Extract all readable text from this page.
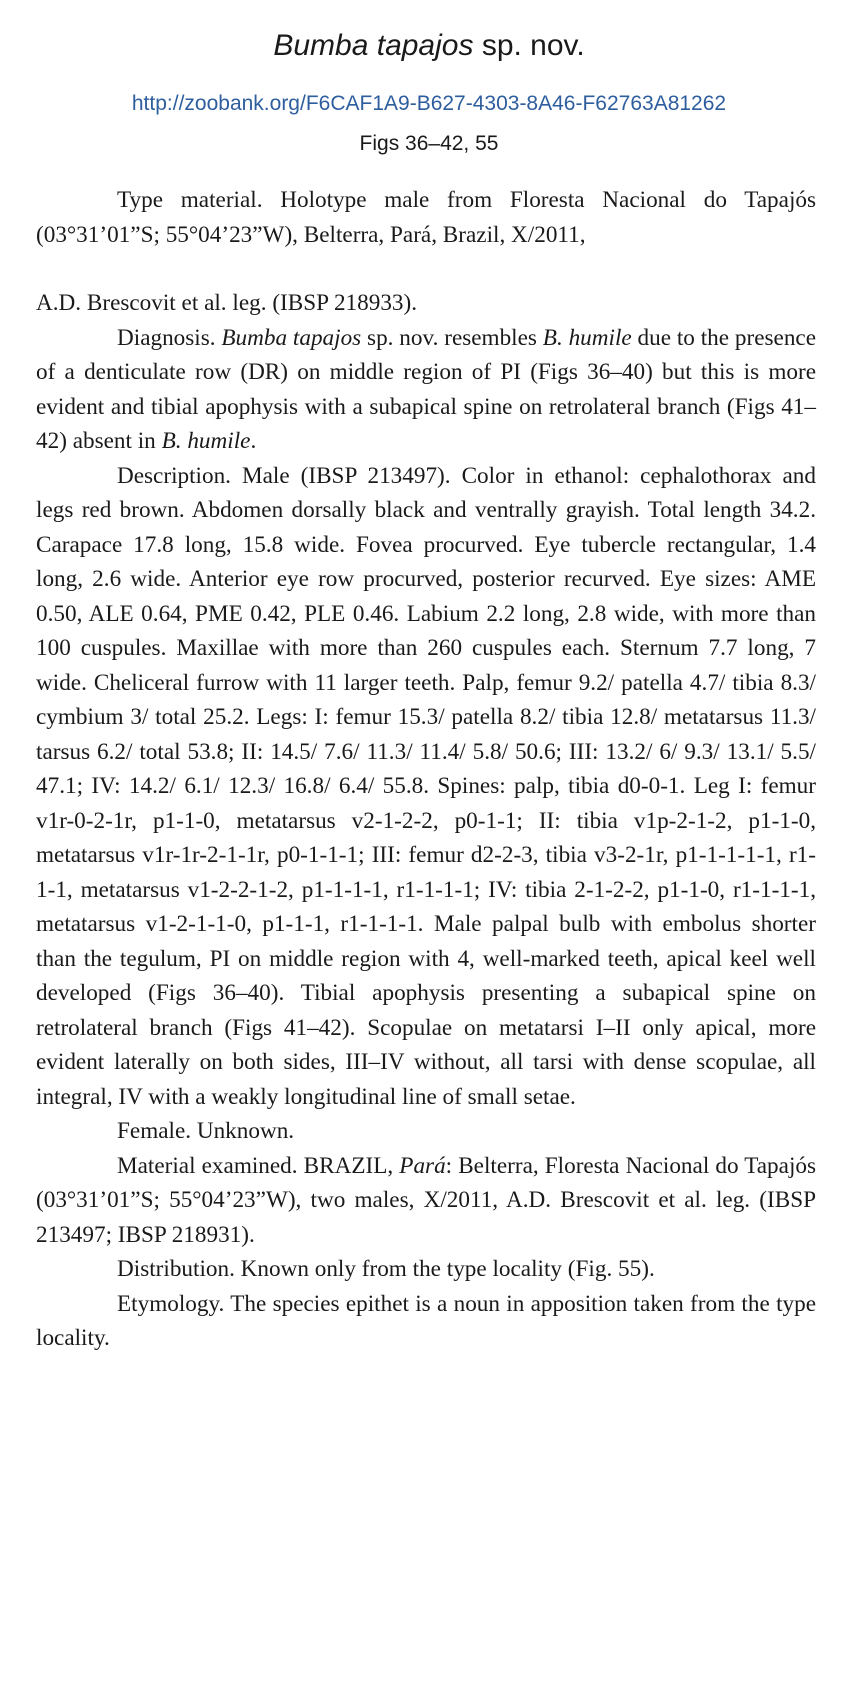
Bumba tapajos sp. nov.
http://zoobank.org/F6CAF1A9-B627-4303-8A46-F62763A81262
Figs 36–42, 55

Type material. Holotype male from Floresta Nacional do Tapajós (03°31’01”S; 55°04’23”W), Belterra, Pará, Brazil, X/2011,

A.D. Brescovit et al. leg. (IBSP 218933).

Diagnosis. Bumba tapajos sp. nov. resembles B. humile due to the presence of a denticulate row (DR) on middle region of PI (Figs 36–40) but this is more evident and tibial apophysis with a subapical spine on retrolateral branch (Figs 41–42) absent in B. humile.

Description. Male (IBSP 213497). Color in ethanol: cephalothorax and legs red brown. Abdomen dorsally black and ventrally grayish. Total length 34.2. Carapace 17.8 long, 15.8 wide. Fovea procurved. Eye tubercle rectangular, 1.4 long, 2.6 wide. Anterior eye row procurved, posterior recurved. Eye sizes: AME 0.50, ALE 0.64, PME 0.42, PLE 0.46. Labium 2.2 long, 2.8 wide, with more than 100 cuspules. Maxillae with more than 260 cuspules each. Sternum 7.7 long, 7 wide. Cheliceral furrow with 11 larger teeth. Palp, femur 9.2/ patella 4.7/ tibia 8.3/ cymbium 3/ total 25.2. Legs: I: femur 15.3/ patella 8.2/ tibia 12.8/ metatarsus 11.3/ tarsus 6.2/ total 53.8; II: 14.5/ 7.6/ 11.3/ 11.4/ 5.8/ 50.6; III: 13.2/ 6/ 9.3/ 13.1/ 5.5/ 47.1; IV: 14.2/ 6.1/ 12.3/ 16.8/ 6.4/ 55.8. Spines: palp, tibia d0-0-1. Leg I: femur v1r-0-2-1r, p1-1-0, metatarsus v2-1-2-2, p0-1-1; II: tibia v1p-2-1-2, p1-1-0, metatarsus v1r-1r-2-1-1r, p0-1-1-1; III: femur d2-2-3, tibia v3-2-1r, p1-1-1-1-1, r1-1-1, metatarsus v1-2-2-1-2, p1-1-1-1, r1-1-1-1; IV: tibia 2-1-2-2, p1-1-0, r1-1-1-1, metatarsus v1-2-1-1-0, p1-1-1, r1-1-1-1. Male palpal bulb with embolus shorter than the tegulum, PI on middle region with 4, well-marked teeth, apical keel well developed (Figs 36–40). Tibial apophysis presenting a subapical spine on retrolateral branch (Figs 41–42). Scopulae on metatarsi I–II only apical, more evident laterally on both sides, III–IV without, all tarsi with dense scopulae, all integral, IV with a weakly longitudinal line of small setae.

Female. Unknown.

Material examined. BRAZIL, Pará: Belterra, Floresta Nacional do Tapajós (03°31’01”S; 55°04’23”W), two males, X/2011, A.D. Brescovit et al. leg. (IBSP 213497; IBSP 218931).

Distribution. Known only from the type locality (Fig. 55).

Etymology. The species epithet is a noun in apposition taken from the type locality.
